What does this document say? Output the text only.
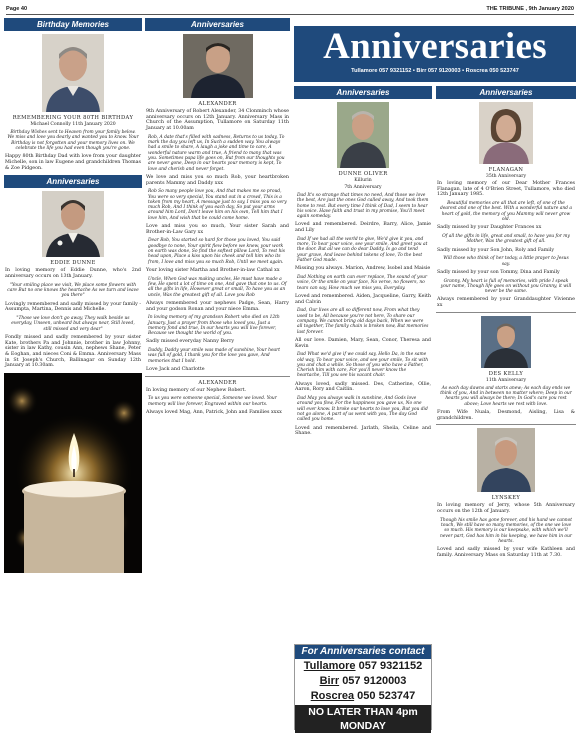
Page 40	THE TRIBUNE , 9th January 2020
Birthday Memories
REMEMBERING YOUR 80TH BIRTHDAY
Michael Connolly 11th January 2020
Birthday Wishes sent to Heaven from your family below. We miss and love you dearly and wanted you to know. Your Birthday is not forgotten and your memory lives on. We celebrate the life you had even though you're gone.
Happy 80th Birthday Dad with love from your daughter Michelle, son in law Eugene and grandchildren Thomas & Zoe Pidgeon.
Anniversaries
EDDIE DUNNE
In loving memory of Eddie Dunne, who's 2nd anniversary occurs on 13th January.
"Your smiling place we visit, We place some flowers with care But no one knows the heartache As we turn and leave you there"
Lovingly remembered and sadly missed by your family - Assumpta, Martina, Dennis and Michelle.
"Those we love don't go away, They walk beside us everyday, Unseen, unheard but always near, Still loved, still missed and very dear"
Fondly missed and sadly remembered by your sister Kate, brothers Pa and Johnnie, brother in law Johnny, sister in law Kathy, cousin Ann, nephews Shane, Peter & Eoghan, and nieces Coni & Emma. Anniversary Mass in St Joseph's Church, Ballinagar on Sunday 12th January at 10.30am.
Anniversaries
ALEXANDER
9th Anniversary of Robert Alexander, 34 Clonminch whose anniversary occurs on 12th January. Anniversary Mass in Church of the Assumption, Tullamore on Saturday 11th January at 10.00am
Rob, A date that's filled with sadness, Returns to us today, To mark the day you left us, In Such a sudden way. You always had a smile to share, A laugh a joke and time to care, A wonderful nature warm and true, A friend to many that was you. Sometimes papa life goes on, But from our thoughts you are never gone, Deep in our hearts your memory is kept, To love and cherish and never forget.
We love and miss you so much Rob, your heartbroken parents Mammy and Daddy xxx
Rob So many people love you, And that makes me so proud, You were so very special, You stand out in a crowd, This is a token from my heart, A message just to say, I miss you so very much Rob, And I think of you each day, So put your arms around him Lord, Don't leave him on his own, Tell him that I love him, And wish that he could come home.
Love and miss you so much, Your sister Sarah and Brother-in-Law Gary xx
Dear Rob, You started so hard for those you loved, You said goodbye to none, Your spirit flew before we knew, your work on earth was done, So find the softest pillow Lord, To rest his head upon, Place a kiss upon his cheek and tell him who its from, I love and miss you so much Rob, Until we meet again.
Your loving sister Martha and Brother-in-law Cathal xx
Uncle, When God was making uncles, He must have made a few, He spent a lot of time on one, And gave that one to us. Of all the gifts in life, However great or small, To have you as an uncle, Was the greatest gift of all. Love you Rob
Always remembered your nephews Padge, Sean, Harry and your godson Ronan and your niece Emma.
In loving memory of my grandson Robert who died on 12th January. Just a prayer from those who loved you, Just a memory fond and true, In our hearts you will live forever, Because we thought the world of you.
Sadly missed everyday Nanny Berry
Daddy, Daddy your smile was made of sunshine, Your heart was full of gold, I thank you for the love you gave, And memories that I hold.
Love Jack and Charlotte
ALEXANDER
In loving memory of our Nephew Robert.
To us you were someone special, Someone we loved. Your memory will live forever, Engraved within our hearts.
Always loved Mag, Ann, Patrick, John and Families xxxx
Anniversaries
Tullamore 057 9321152 • Birr 057 9120003 • Roscrea 050 523747
Anniversaries
DUNNE OLIVER
Killurin
7th Anniversary
Dad It's so strange that times no need, And those we love the best, Are just the ones God called away, And took them home to rest. But every time I think of Dad, I seem to hear his voice. Have faith and trust in my promise, You'll meet again someday.
Loved and remembered. Deirdre, Barry, Alice, Jamie and Lily
Dad If we had all the world to give, We'd give it you, and more, To hear your voice, see your smile, And greet you at the door. But all we can do dear Daddy, Is go and tend your grave, And leave behind tokens of love, To the best Father God made.
Missing you always. Marion, Andrew, Isobel and Maisie
Dad Nothing on earth can ever replace, The sound of your voice, Or the smile on your face, No verse, no flowers, no tears can say, How much we miss you, Everyday.
Loved and remembered. Aiden, Jacqueline, Garry, Keith and Calvin
Dad, Our lives are all so different now, From what they used to be, All because you're not here, To share our company. We cannot bring old days back, When we were all together, The family chain is broken now, But memories last forever.
All our love. Damien, Mary, Sean, Conor, Theresa and Kevin
Dad What we'd give if we could say, Hello Da, in the same old way, To hear your voice, and see your smile, To sit with you and chat a while. So those of you who have a Father, Cherish him with care, For you'll never know the heartache, Till you see his vacant chair.
Always loved, sadly missed. Des, Catherine, Ollie, Aaron, Rory and Caitlin.
Dad May you always walk in sunshine, And Gods love around you flow, For the happiness you gave us, No one will ever know. It broke our hearts to lose you, But you did not go alone, A part of us went with you, The day God called you home.
Loved and remembered. Jarlath, Sheila, Celine and Shane.
For Anniversaries contact
Tullamore 057 9321152
Birr 057 9120003
Roscrea 050 523747
NO LATER THAN 4pm MONDAY
Anniversaries
FLANAGAN
35th Anniversary
In loving memory of our Dear Mother Frances Flanagan, late of 4 O'Brien Street, Tullamore, who died 12th January 1985.
Beautiful memories are all that are left, of one of the dearest and one of the best. With a wonderful nature and a heart of gold, the memory of you Mammy will never grow old.
Sadly missed by your Daughter Frances xx
Of all the gifts in life, great and small, to have you for my Mother, Was the greatest gift of all.
Sadly missed by your Son John, Roly and Family
Will those who think of her today, a little prayer to Jesus say.
Sadly missed by your son Tommy, Dina and Family
Granny, My heart is full of memories, with pride I speak your name, Though life goes on without you Granny, it will never be the same.
Always remembered by your Granddaughter Vivienne xx
DES KELLY
11th Anniversary
As each day dawns and starts anew; As each day ends we think of you, And in between no matter where; Deep in our hearts you will always be there; In God's care you rest above; Love hearts we rest with love.
From Wife Nuala, Desmond, Aisling, Lisa & grandchildren.
LYNSKEY
In loving memory of Jerry, whose 5th Anniversary occurs on the 12th of January.
Though his smile has gone forever, and his hand we cannot touch, We still have so many memories, of the one we love so much. His memory is our keepsake, with which we'll never part, God has him in his keeping, we have him in our hearts.
Loved and sadly missed by your wife Kathleen and family. Anniversary Mass on Saturday 11th at 7.30.
